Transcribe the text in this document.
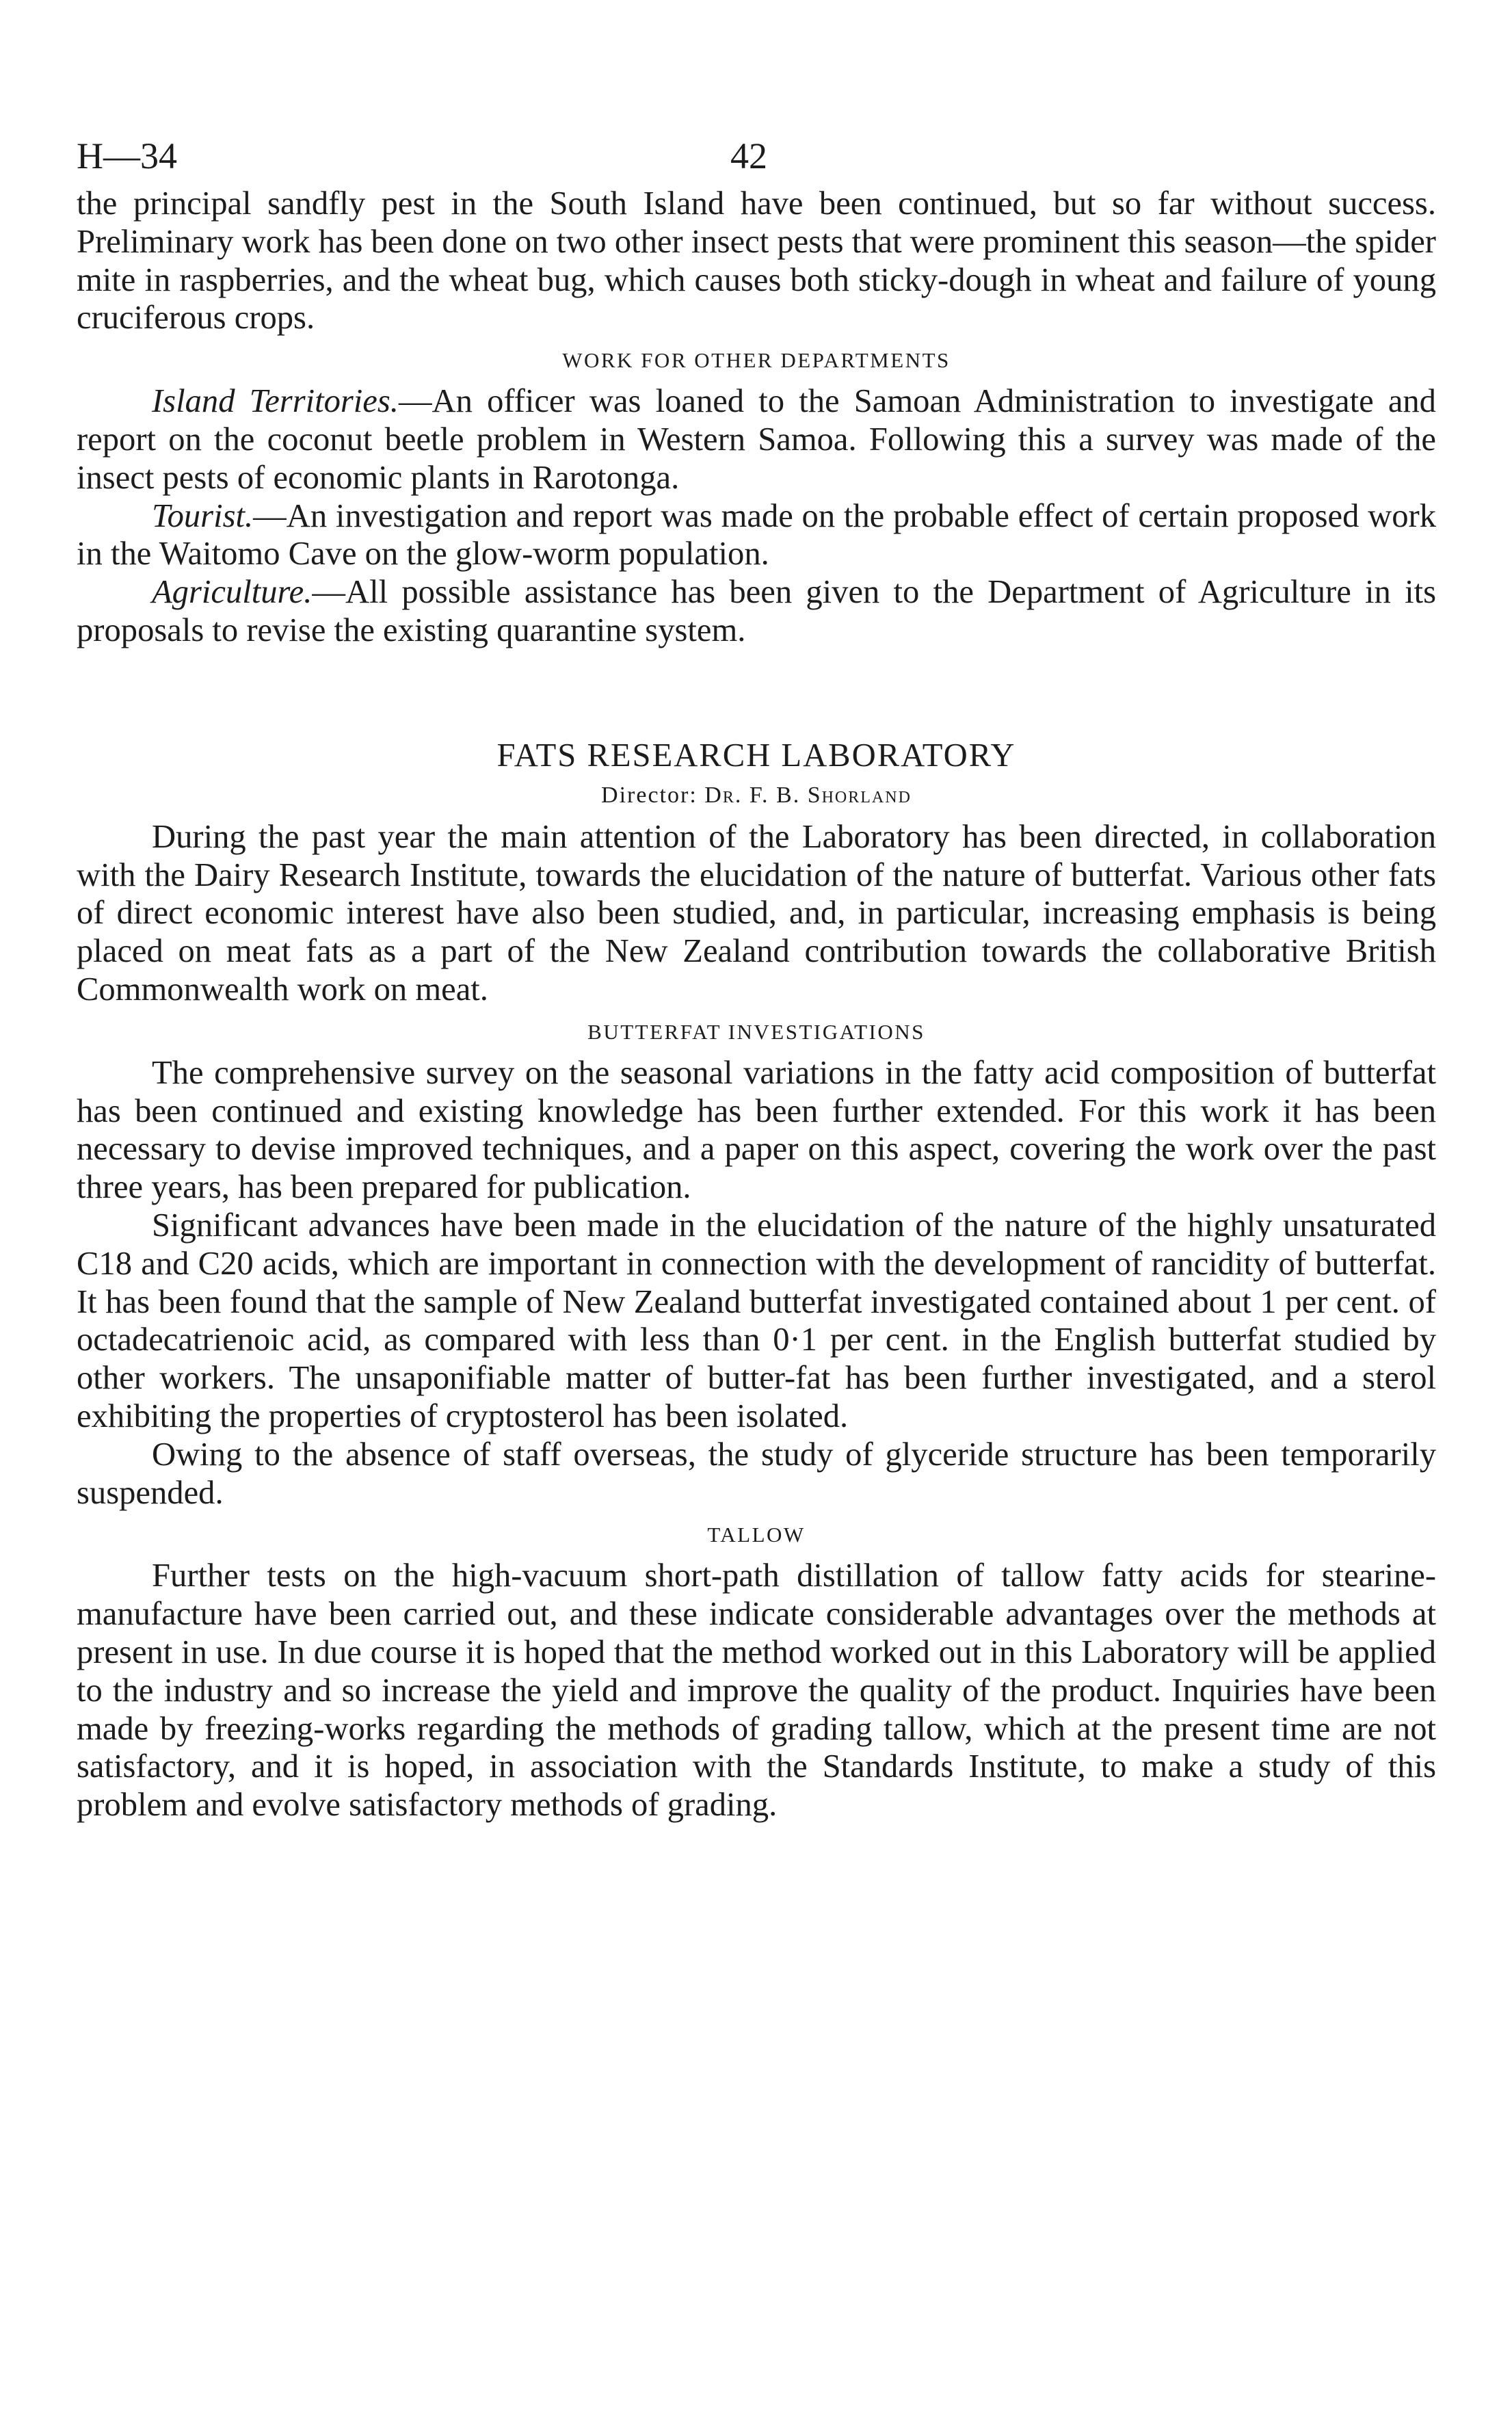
H—34	42

the principal sandfly pest in the South Island have been continued, but so far without success. Preliminary work has been done on two other insect pests that were prominent this season—the spider mite in raspberries, and the wheat bug, which causes both sticky-dough in wheat and failure of young cruciferous crops.

WORK FOR OTHER DEPARTMENTS

Island Territories.—An officer was loaned to the Samoan Administration to investigate and report on the coconut beetle problem in Western Samoa. Following this a survey was made of the insect pests of economic plants in Rarotonga.

Tourist.—An investigation and report was made on the probable effect of certain proposed work in the Waitomo Cave on the glow-worm population.

Agriculture.—All possible assistance has been given to the Department of Agriculture in its proposals to revise the existing quarantine system.

FATS RESEARCH LABORATORY
Director: Dr. F. B. Shorland

During the past year the main attention of the Laboratory has been directed, in collaboration with the Dairy Research Institute, towards the elucidation of the nature of butterfat. Various other fats of direct economic interest have also been studied, and, in particular, increasing emphasis is being placed on meat fats as a part of the New Zealand contribution towards the collaborative British Commonwealth work on meat.

BUTTERFAT INVESTIGATIONS

The comprehensive survey on the seasonal variations in the fatty acid composition of butterfat has been continued and existing knowledge has been further extended. For this work it has been necessary to devise improved techniques, and a paper on this aspect, covering the work over the past three years, has been prepared for publication.

Significant advances have been made in the elucidation of the nature of the highly unsaturated C18 and C20 acids, which are important in connection with the development of rancidity of butterfat. It has been found that the sample of New Zealand butterfat investigated contained about 1 per cent. of octadecatrienoic acid, as compared with less than 0·1 per cent. in the English butterfat studied by other workers. The unsaponifiable matter of butter-fat has been further investigated, and a sterol exhibiting the properties of cryptosterol has been isolated.

Owing to the absence of staff overseas, the study of glyceride structure has been temporarily suspended.

TALLOW

Further tests on the high-vacuum short-path distillation of tallow fatty acids for stearine-manufacture have been carried out, and these indicate considerable advantages over the methods at present in use. In due course it is hoped that the method worked out in this Laboratory will be applied to the industry and so increase the yield and improve the quality of the product. Inquiries have been made by freezing-works regarding the methods of grading tallow, which at the present time are not satisfactory, and it is hoped, in association with the Standards Institute, to make a study of this problem and evolve satisfactory methods of grading.
